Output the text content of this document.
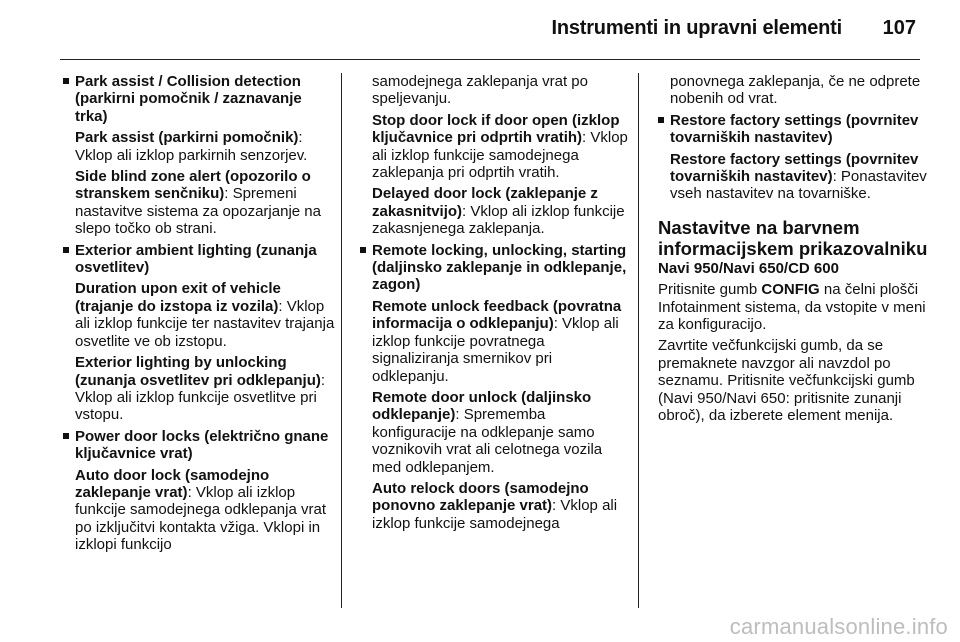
Instrumenti in upravni elementi 107
Park assist / Collision detection (parkirni pomočnik / zaznavanje trka)
Park assist (parkirni pomočnik): Vklop ali izklop parkirnih senzorjev.
Side blind zone alert (opozorilo o stranskem senčniku): Spremeni nastavitve sistema za opozarjanje na slepo točko ob strani.
Exterior ambient lighting (zunanja osvetlitev)
Duration upon exit of vehicle (trajanje do izstopa iz vozila): Vklop ali izklop funkcije ter nastavitev trajanja osvetlite ve ob izstopu.
Exterior lighting by unlocking (zunanja osvetlitev pri odklepanju): Vklop ali izklop funkcije osvetlitve pri vstopu.
Power door locks (električno gnane ključavnice vrat)
Auto door lock (samodejno zaklepanje vrat): Vklop ali izklop funkcije samodejnega odklepanja vrat po izključitvi kontakta vžiga. Vklopi in izklopi funkcijo
samodejnega zaklepanja vrat po speljevanju.
Stop door lock if door open (izklop ključavnice pri odprtih vratih): Vklop ali izklop funkcije samodejnega zaklepanja pri odprtih vratih.
Delayed door lock (zaklepanje z zakasnitvijo): Vklop ali izklop funkcije zakasnjenega zaklepanja.
Remote locking, unlocking, starting (daljinsko zaklepanje in odklepanje, zagon)
Remote unlock feedback (povratna informacija o odklepanju): Vklop ali izklop funkcije povratnega signaliziranja smernikov pri odklepanju.
Remote door unlock (daljinsko odklepanje): Sprememba konfiguracije na odklepanje samo voznikovih vrat ali celotnega vozila med odklepanjem.
Auto relock doors (samodejno ponovno zaklepanje vrat): Vklop ali izklop funkcije samodejnega
ponovnega zaklepanja, če ne odprete nobenih od vrat.
Restore factory settings (povrnitev tovarniških nastavitev)
Restore factory settings (povrnitev tovarniških nastavitev): Ponastavitev vseh nastavitev na tovarniške.
Nastavitve na barvnem informacijskem prikazovalniku
Navi 950/Navi 650/CD 600
Pritisnite gumb CONFIG na čelni plošči Infotainment sistema, da vstopite v meni za konfiguracijo.
Zavrtite večfunkcijski gumb, da se premaknete navzgor ali navzdol po seznamu. Pritisnite večfunkcijski gumb (Navi 950/Navi 650: pritisnite zunanji obroč), da izberete element menija.
carmanualsonline.info
